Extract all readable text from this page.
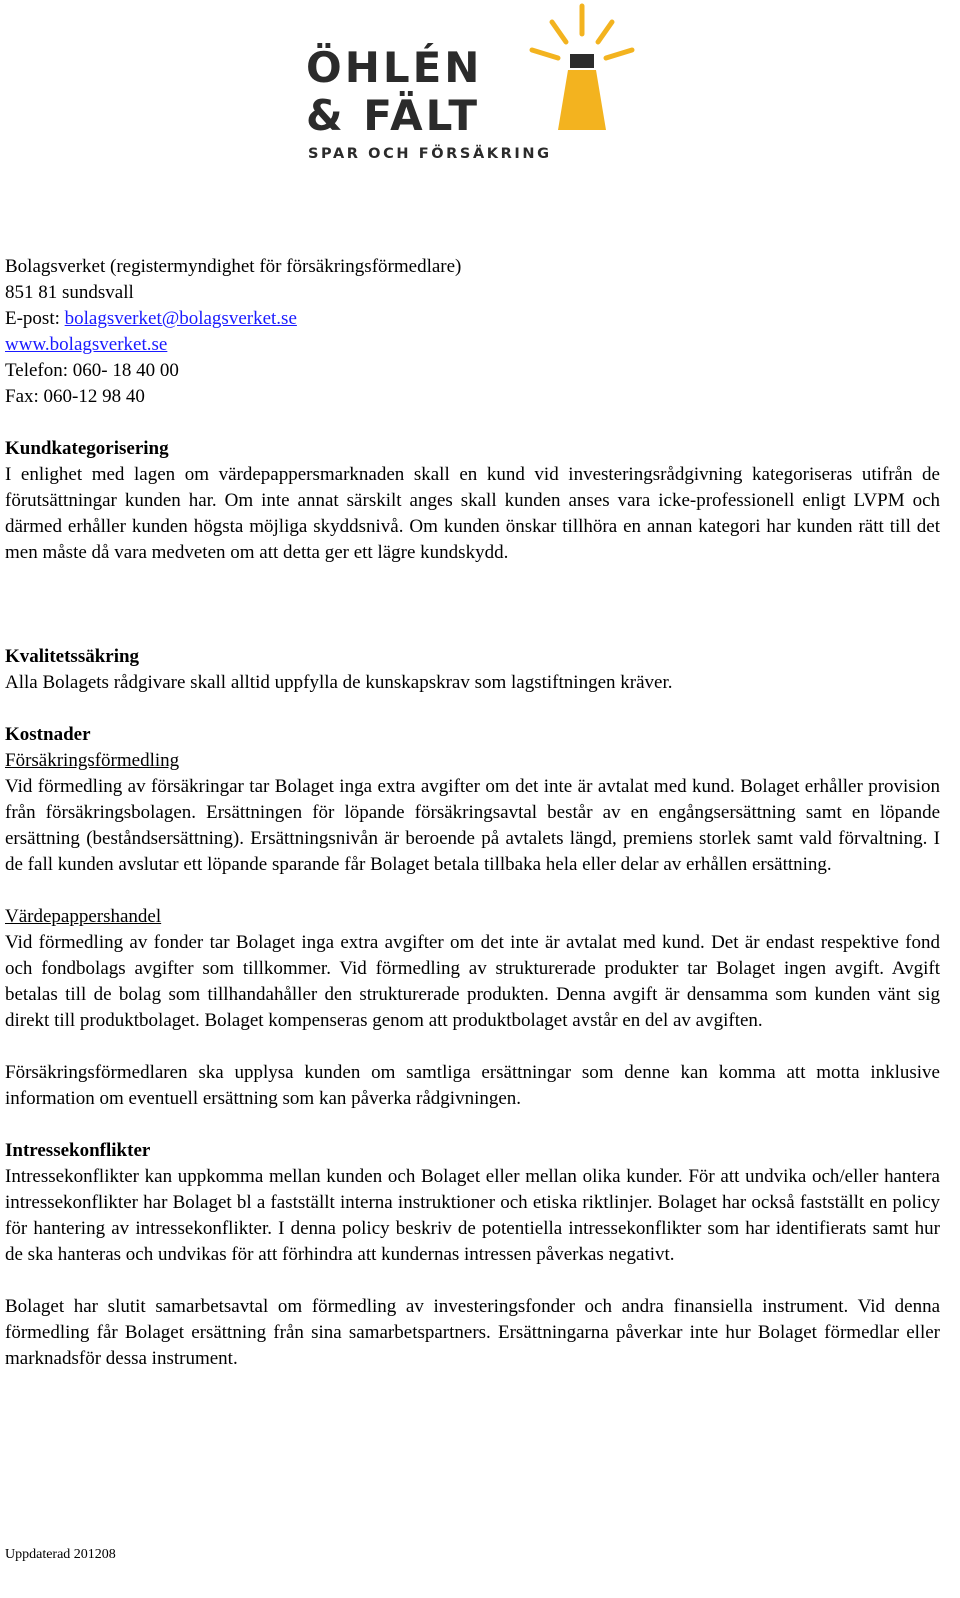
ÖHLÉN
& FÄLT
SPAR OCH FÖRSÄKRING
Bolagsverket (registermyndighet för försäkringsförmedlare)
851 81 sundsvall
E-post: bolagsverket@bolagsverket.se
www.bolagsverket.se
Telefon: 060- 18 40 00
Fax: 060-12 98 40
Kundkategorisering

I enlighet med lagen om värdepappersmarknaden skall en kund vid investeringsrådgivning kategoriseras utifrån de förutsättningar kunden har. Om inte annat särskilt anges skall kunden anses vara icke-professionell enligt LVPM och därmed erhåller kunden högsta möjliga skyddsnivå. Om kunden önskar tillhöra en annan kategori har kunden rätt till det men måste då vara medveten om att detta ger ett lägre kundskydd.

Kvalitetssäkring

Alla Bolagets rådgivare skall alltid uppfylla de kunskapskrav som lagstiftningen kräver.

Kostnader
Försäkringsförmedling

Vid förmedling av försäkringar tar Bolaget inga extra avgifter om det inte är avtalat med kund. Bolaget erhåller provision från försäkringsbolagen. Ersättningen för löpande försäkringsavtal består av en engångsersättning samt en löpande ersättning (beståndsersättning). Ersättningsnivån är beroende på avtalets längd, premiens storlek samt vald förvaltning. I de fall kunden avslutar ett löpande sparande får Bolaget betala tillbaka hela eller delar av erhållen ersättning.

Värdepappershandel

Vid förmedling av fonder tar Bolaget inga extra avgifter om det inte är avtalat med kund. Det är endast respektive fond och fondbolags avgifter som tillkommer. Vid förmedling av strukturerade produkter tar Bolaget ingen avgift. Avgift betalas till de bolag som tillhandahåller den strukturerade produkten. Denna avgift är densamma som kunden vänt sig direkt till produktbolaget. Bolaget kompenseras genom att produktbolaget avstår en del av avgiften.

Försäkringsförmedlaren ska upplysa kunden om samtliga ersättningar som denne kan komma att motta inklusive information om eventuell ersättning som kan påverka rådgivningen.

Intressekonflikter

Intressekonflikter kan uppkomma mellan kunden och Bolaget eller mellan olika kunder. För att undvika och/eller hantera intressekonflikter har Bolaget bl a fastställt interna instruktioner och etiska riktlinjer. Bolaget har också fastställt en policy för hantering av intressekonflikter. I denna policy beskriv de potentiella intressekonflikter som har identifierats samt hur de ska hanteras och undvikas för att förhindra att kundernas intressen påverkas negativt.

Bolaget har slutit samarbetsavtal om förmedling av investeringsfonder och andra finansiella instrument. Vid denna förmedling får Bolaget ersättning från sina samarbetspartners. Ersättningarna påverkar inte hur Bolaget förmedlar eller marknadsför dessa instrument.

Uppdaterad 201208
